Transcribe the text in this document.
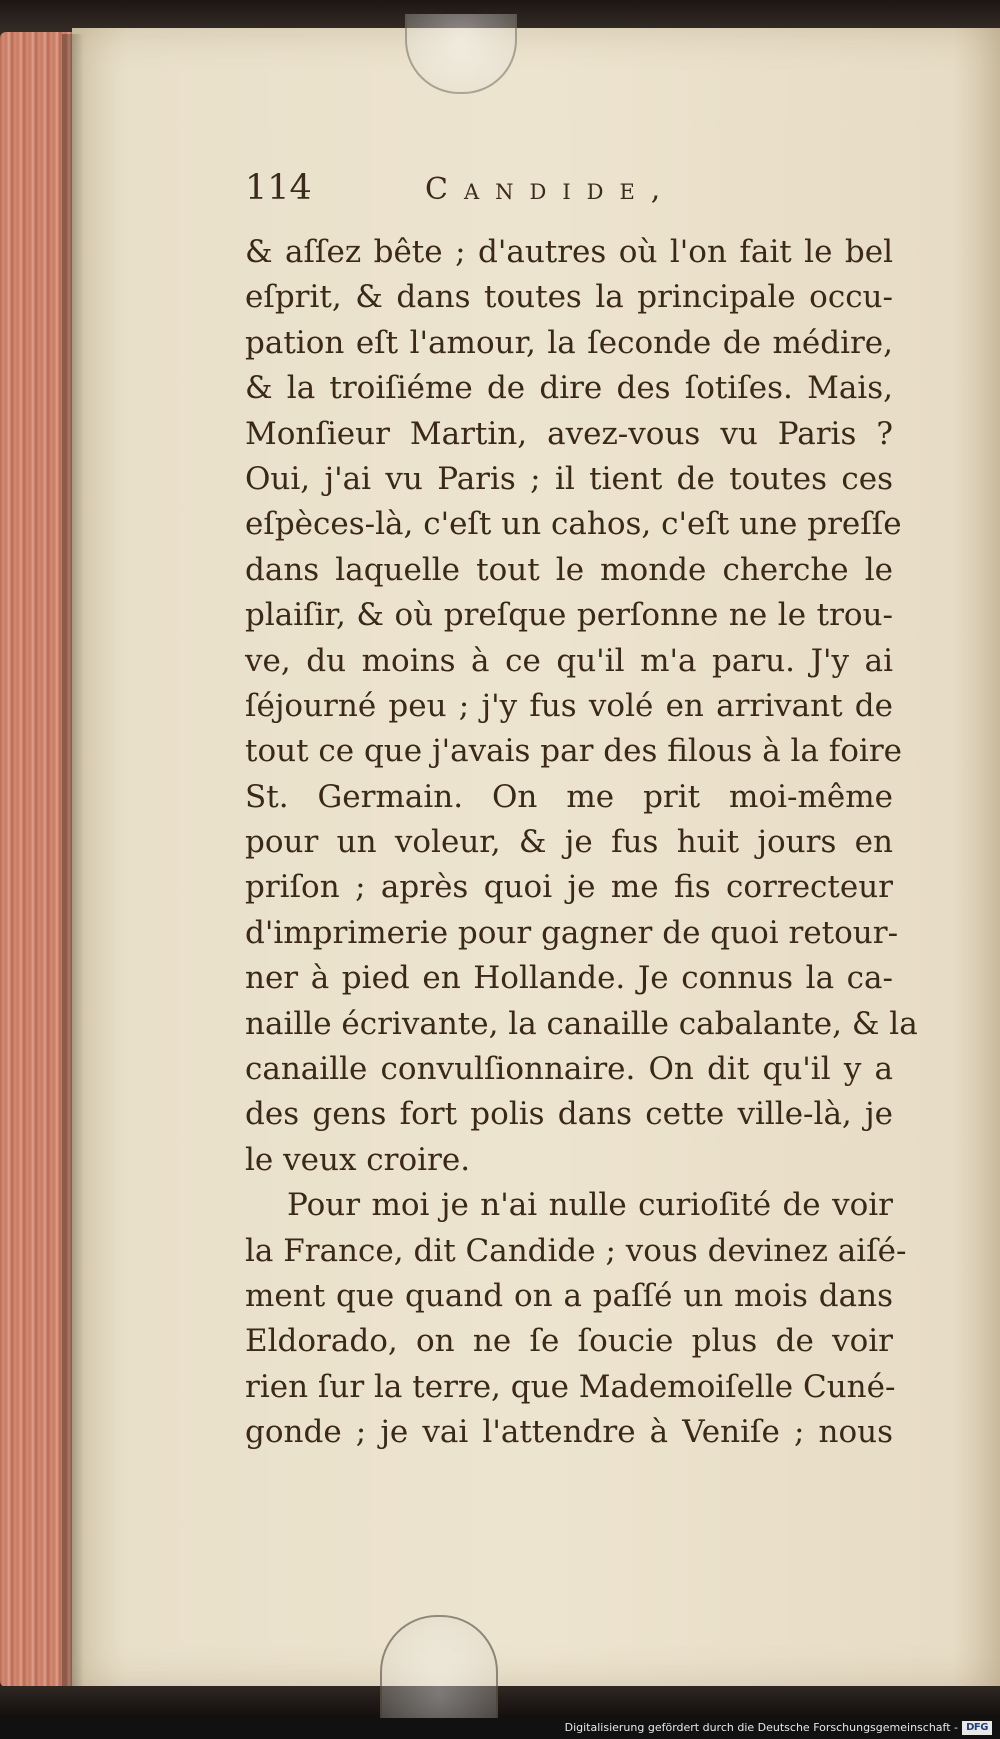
114	Candide,
& aſſez bête ; d'autres où l'on fait le bel
eſprit, & dans toutes la principale occu-
pation eſt l'amour, la ſeconde de médire,
& la troiſiéme de dire des ſotiſes. Mais,
Monſieur Martin, avez-vous vu Paris ?
Oui, j'ai vu Paris ; il tient de toutes ces
eſpèces-là, c'eſt un cahos, c'eſt une preſſe
dans laquelle tout le monde cherche le
plaiſir, & où preſque perſonne ne le trou-
ve, du moins à ce qu'il m'a paru. J'y ai
ſéjourné peu ; j'y fus volé en arrivant de
tout ce que j'avais par des filous à la foire
St. Germain. On me prit moi-même
pour un voleur, & je fus huit jours en
priſon ; après quoi je me fis correcteur
d'imprimerie pour gagner de quoi retour-
ner à pied en Hollande. Je connus la ca-
naille écrivante, la canaille cabalante, & la
canaille convulſionnaire. On dit qu'il y a
des gens fort polis dans cette ville-là, je
le veux croire.
Pour moi je n'ai nulle curioſité de voir
la France, dit Candide ; vous devinez aiſé-
ment que quand on a paſſé un mois dans
Eldorado, on ne ſe ſoucie plus de voir
rien ſur la terre, que Mademoiſelle Cuné-
gonde ; je vai l'attendre à Veniſe ; nous
Digitalisierung gefördert durch die Deutsche Forschungsgemeinschaft - DFG
